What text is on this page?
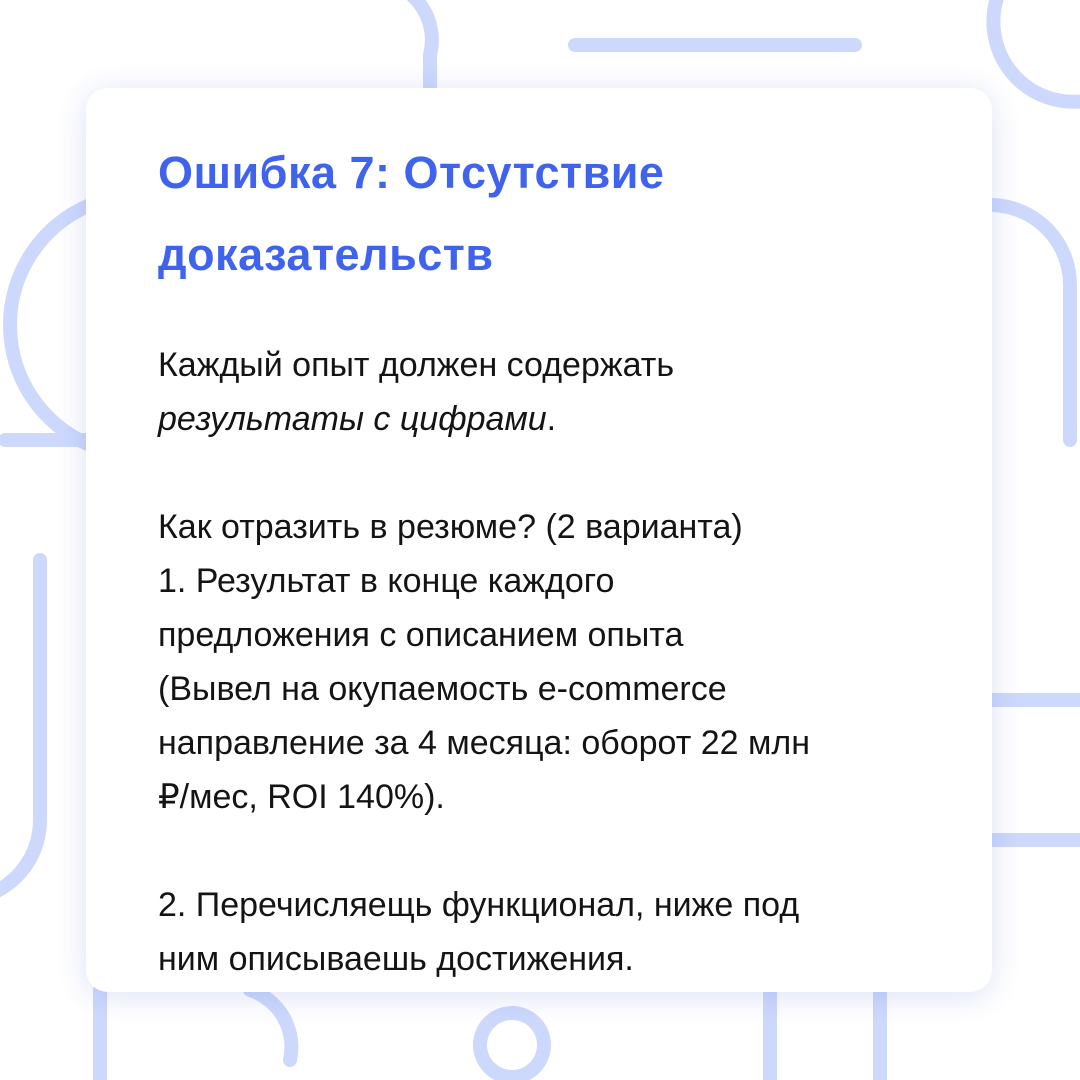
Ошибка 7: Отсутствие
доказательств
Каждый опыт должен содержать
результаты с цифрами.
Как отразить в резюме? (2 варианта)
1. Результат в конце каждого
предложения с описанием опыта
(Вывел на окупаемость e-commerce
направление за 4 месяца: оборот 22 млн
₽/мес, ROI 140%).
2. Перечисляещь функционал, ниже под
ним описываешь достижения.
